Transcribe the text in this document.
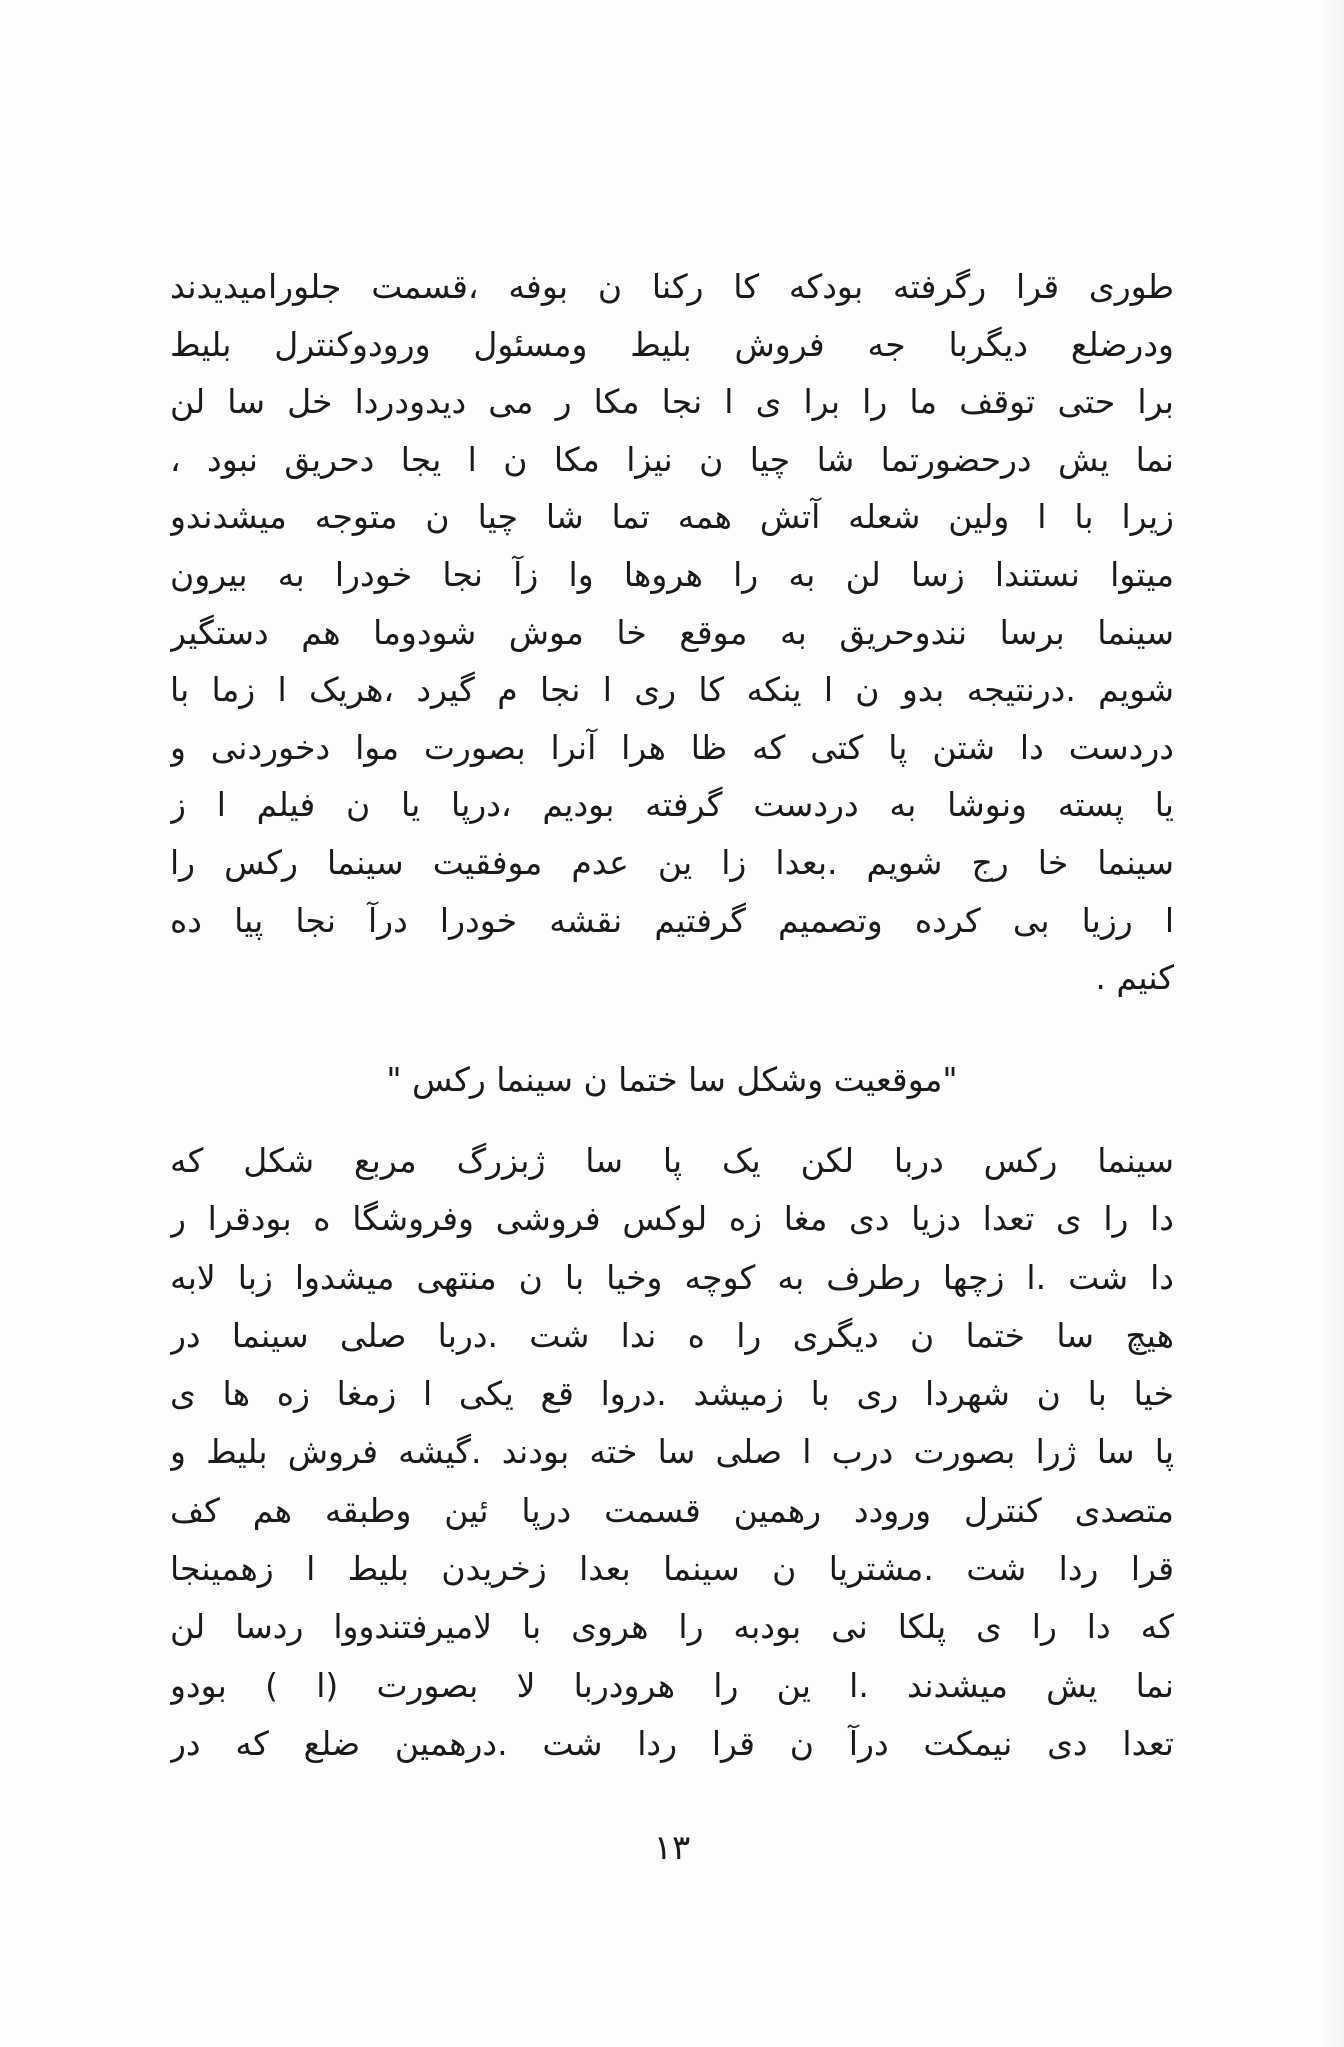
طوری قرا رگرفته بودکه کا رکنا ن بوفه ،قسمت جلوراميديدند
ودرضلع دیگربا جه فروش بلیط ومسئول ورودوکنترل بلیط
برا حتی توقف ما را برا ی ا نجا مکا ر می دیدودردا خل سا لن
نما یش درحضورتما شا چیا ن نیزا مکا ن ا یجا دحریق نبود ،
زیرا با ا ولین شعله آتش همه تما شا چیا ن متوجه میشدندو
میتوا نستندا زسا لن به را هروها وا زآ نجا خودرا به بیرون
سینما برسا نندوحریق به موقع خا موش شودوما هم دستگیر
شویم .درنتیجه بدو ن ا ینکه کا ری ا نجا م گیرد ،هریک ا زما با
دردست دا شتن پا کتی که ظا هرا آنرا بصورت موا دخوردنی و
یا پسته ونوشا به دردست گرفته بودیم ،درپا یا ن فیلم ا ز
سینما خا رج شویم .بعدا زا ین عدم موفقیت سینما رکس را
ا رزیا بی کرده وتصمیم گرفتیم نقشه خودرا درآ نجا پیا ده
کنیم .
"موقعیت وشکل سا ختما ن سینما رکس "
سینما رکس دربا لکن یک پا سا ژبزرگ مربع شکل که
دا را ی تعدا دزیا دی مغا زه لوکس فروشی وفروشگا ه بودقرا ر
دا شت .ا زچها رطرف به کوچه وخیا با ن منتهی میشدوا زبا لابه
هیچ سا ختما ن دیگری را ه ندا شت .دربا صلی سینما در
خیا با ن شهردا ری با زمیشد .دروا قع یکی ا زمغا زه ها ی
پا سا ژرا بصورت درب ا صلی سا خته بودند .گیشه فروش بلیط و
متصدی کنترل ورودد رهمین قسمت درپا ئین وطبقه هم کف
قرا ردا شت .مشتریا ن سینما بعدا زخریدن بلیط ا زهمینجا
که دا را ی پلکا نی بودبه را هروی با لامیرفتندووا ردسا لن
نما یش میشدند .ا ین را هرودربا لا بصورت (ا ) بودو
تعدا دی نیمکت درآ ن قرا ردا شت .درهمین ضلع که در
۱۳
